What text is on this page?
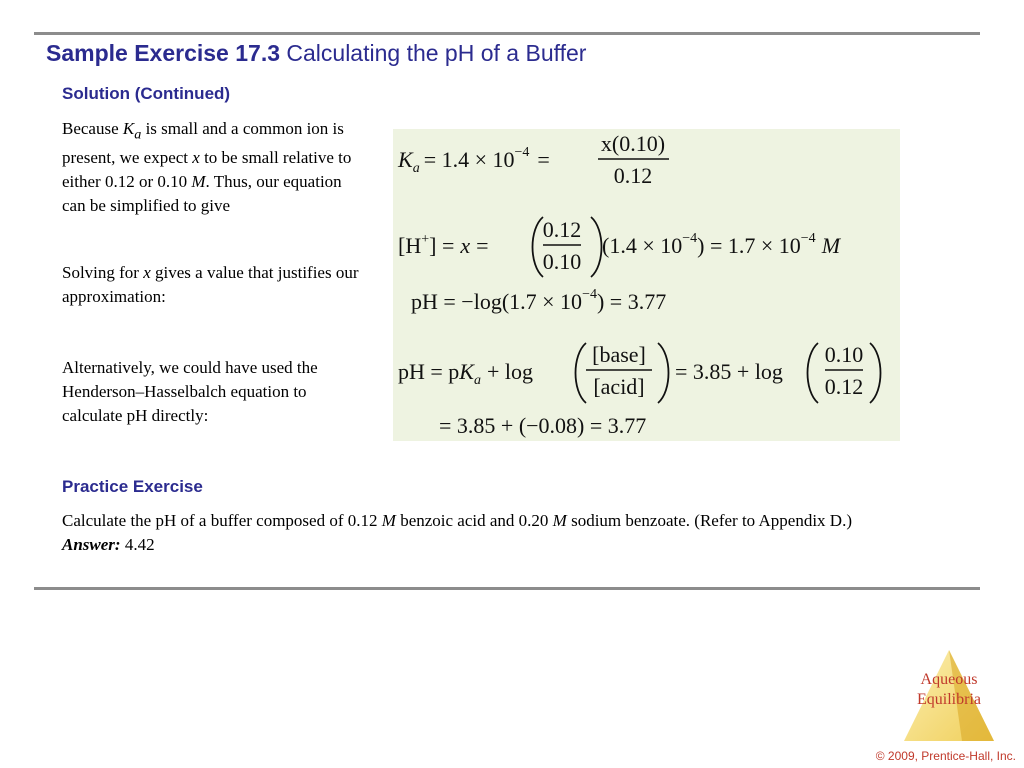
Sample Exercise 17.3 Calculating the pH of a Buffer
Solution (Continued)

Because $K_a$ is small and a common ion is present, we expect x to be small relative to either 0.12 or 0.10 M. Thus, our equation can be simplified to give

Solving for x gives a value that justifies our approximation:

Alternatively, we could have used the Henderson–Hasselbalch equation to calculate pH directly:

$K_a = 1.4 \times 10^{-4}$ =
x(0.10)
0.12
[H+] = x =
0.12
0.10
$(1.4 \times 10^{-4}) = 1.7 \times 10^{-4}$ M
pH = $-\log(1.7 \times 10^{-4}) = 3.77$
pH = $pK_a + \log$
[base]
[acid]
= 3.85 + log
0.10
0.12
= 3.85 + (−0.08) = 3.77
Practice Exercise

Calculate the pH of a buffer composed of 0.12 M benzoic acid and 0.20 M sodium benzoate. (Refer to Appendix D.)
Answer: 4.42

Aqueous
Equilibria
© 2009, Prentice-Hall, Inc.
